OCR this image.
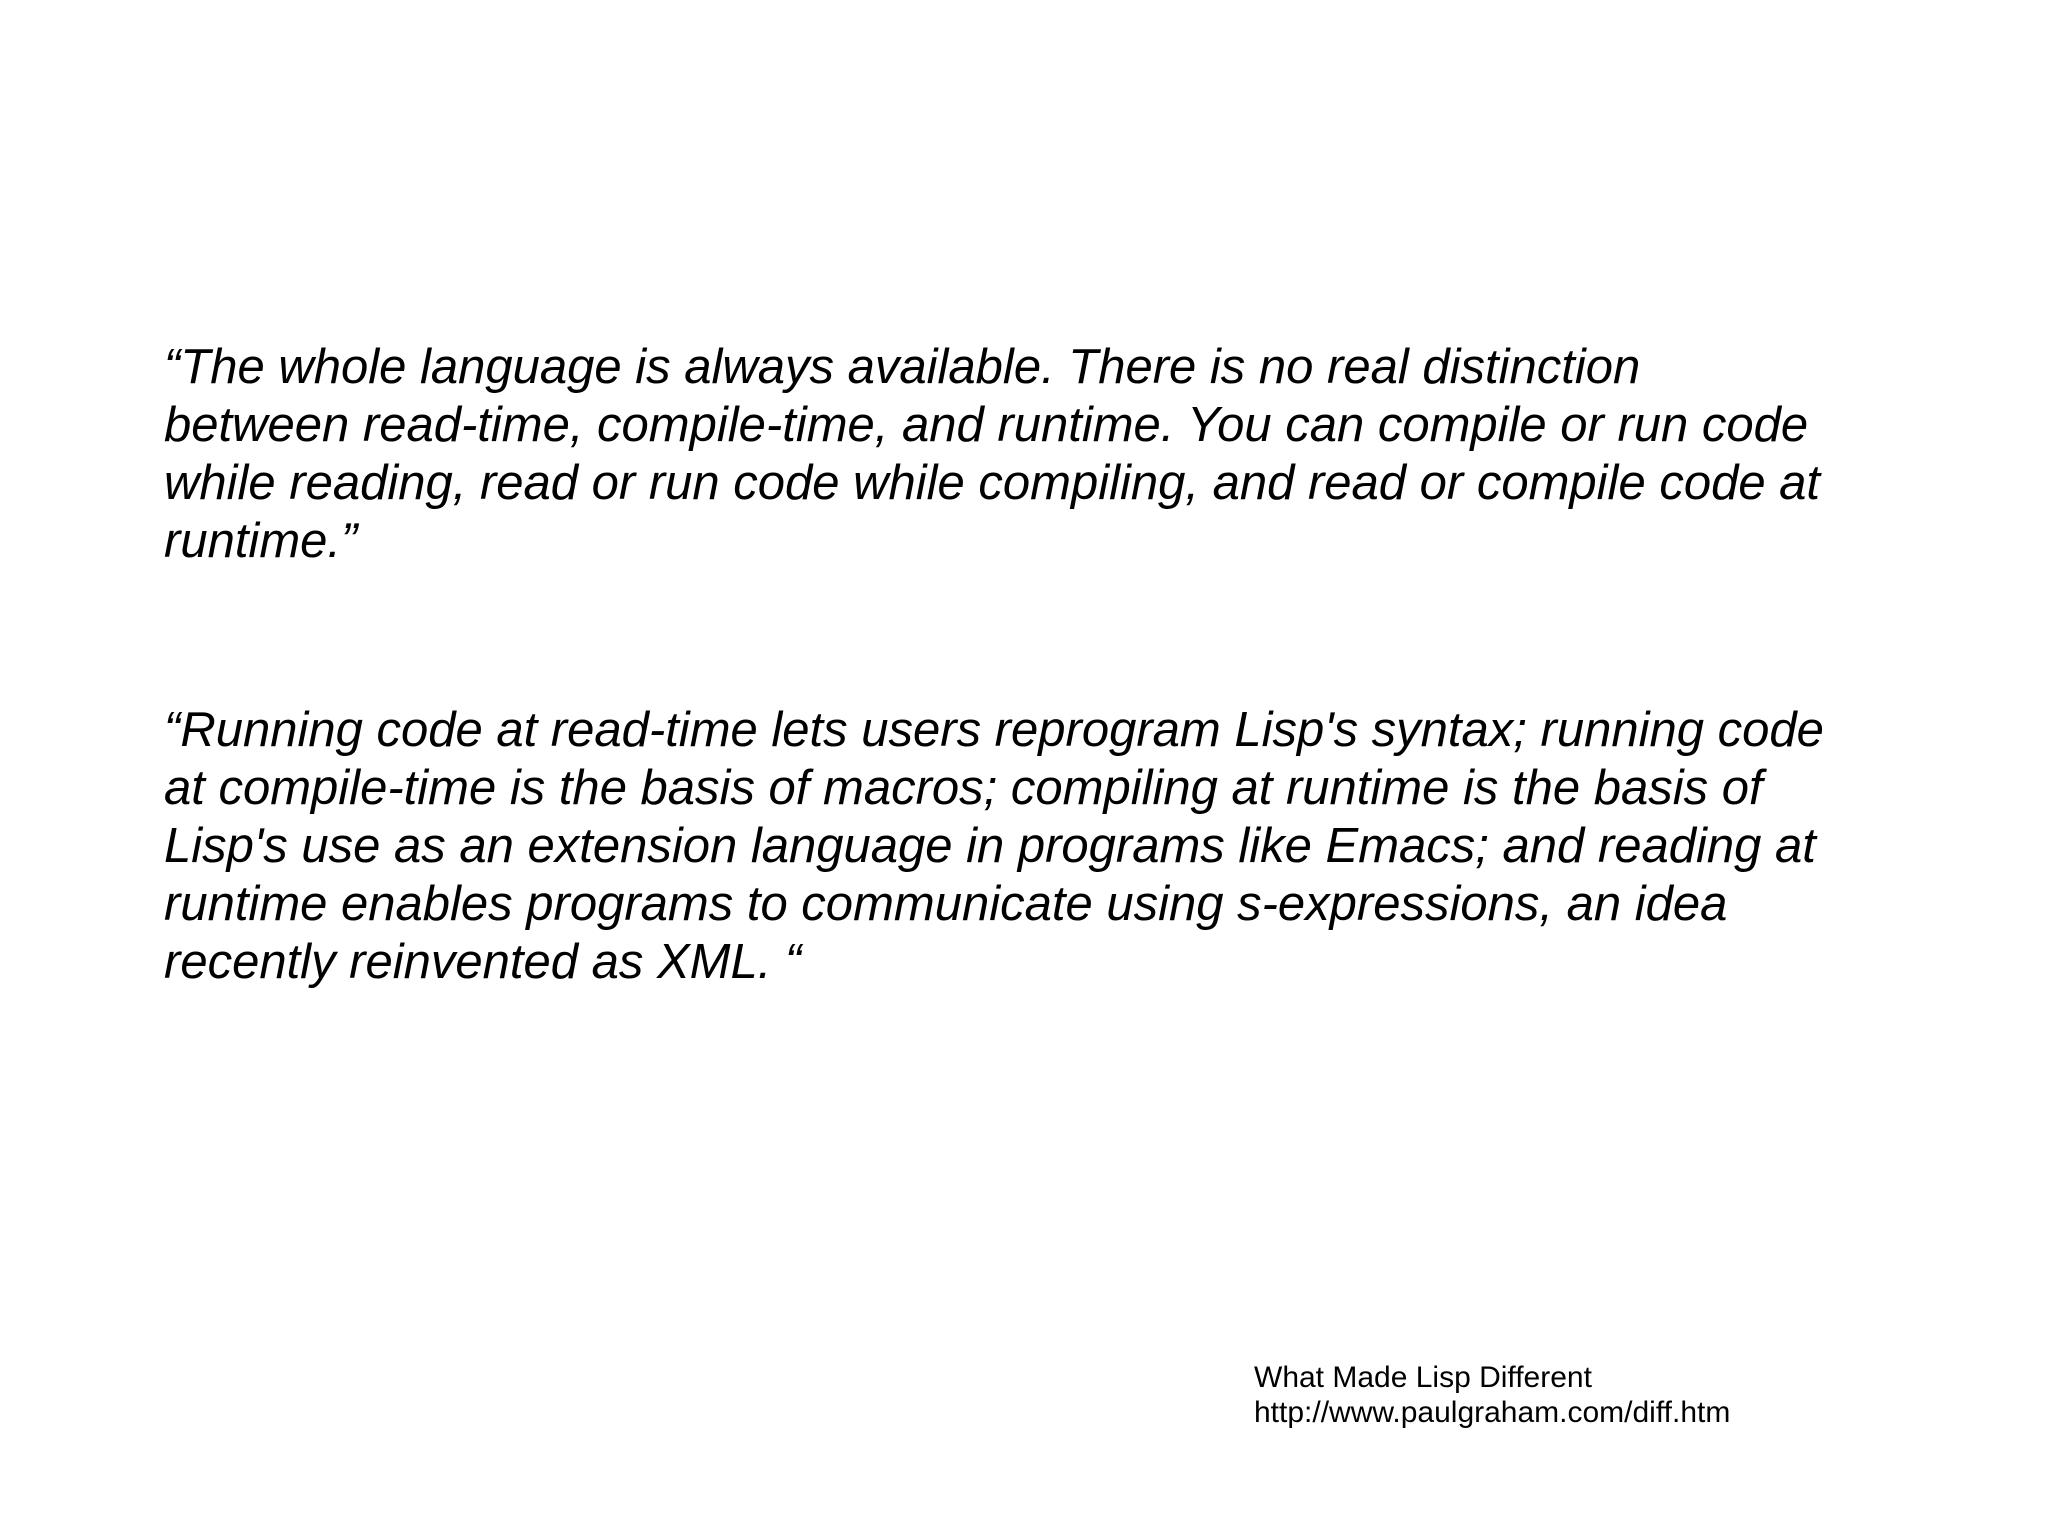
“The whole language is always available. There is no real distinction
between read-time, compile-time, and runtime. You can compile or run code
while reading, read or run code while compiling, and read or compile code at
runtime.”

“Running code at read-time lets users reprogram Lisp's syntax; running code
at compile-time is the basis of macros; compiling at runtime is the basis of
Lisp's use as an extension language in programs like Emacs; and reading at
runtime enables programs to communicate using s-expressions, an idea
recently reinvented as XML. “

What Made Lisp Different
http://www.paulgraham.com/diff.htm
